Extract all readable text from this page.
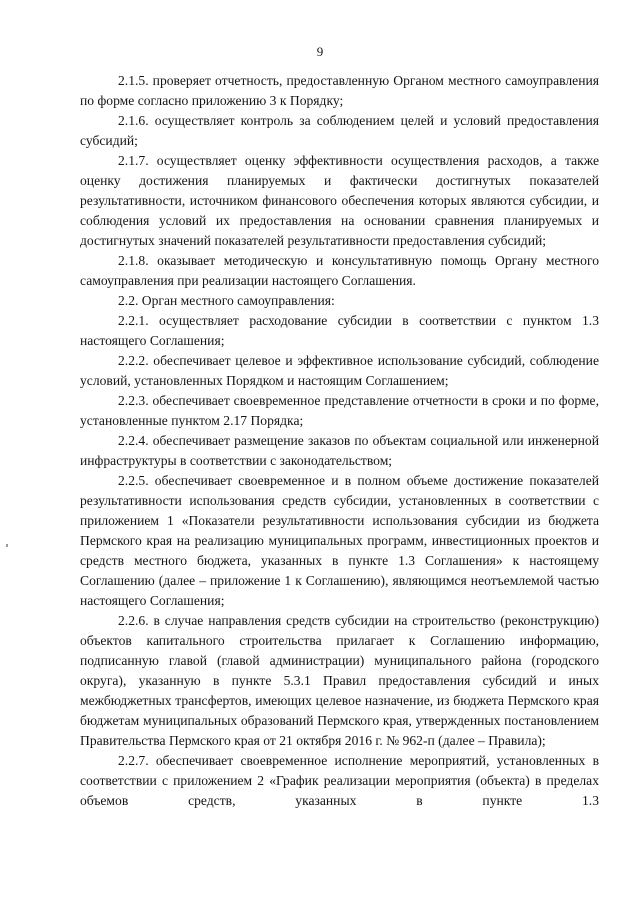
9

2.1.5. проверяет отчетность, предоставленную Органом местного самоуправления по форме согласно приложению 3 к Порядку;

2.1.6. осуществляет контроль за соблюдением целей и условий предоставления субсидий;

2.1.7. осуществляет оценку эффективности осуществления расходов, а также оценку достижения планируемых и фактически достигнутых показателей результативности, источником финансового обеспечения которых являются субсидии, и соблюдения условий их предоставления на основании сравнения планируемых и достигнутых значений показателей результативности предоставления субсидий;

2.1.8. оказывает методическую и консультативную помощь Органу местного самоуправления при реализации настоящего Соглашения.

2.2. Орган местного самоуправления:

2.2.1. осуществляет расходование субсидии в соответствии с пунктом 1.3 настоящего Соглашения;

2.2.2. обеспечивает целевое и эффективное использование субсидий, соблюдение условий, установленных Порядком и настоящим Соглашением;

2.2.3. обеспечивает своевременное представление отчетности в сроки и по форме, установленные пунктом 2.17 Порядка;

2.2.4. обеспечивает размещение заказов по объектам социальной или инженерной инфраструктуры в соответствии с законодательством;

2.2.5. обеспечивает своевременное и в полном объеме достижение показателей результативности использования средств субсидии, установленных в соответствии с приложением 1 «Показатели результативности использования субсидии из бюджета Пермского края на реализацию муниципальных программ, инвестиционных проектов и средств местного бюджета, указанных в пункте 1.3 Соглашения» к настоящему Соглашению (далее – приложение 1 к Соглашению), являющимся неотъемлемой частью настоящего Соглашения;

2.2.6. в случае направления средств субсидии на строительство (реконструкцию) объектов капитального строительства прилагает к Соглашению информацию, подписанную главой (главой администрации) муниципального района (городского округа), указанную в пункте 5.3.1 Правил предоставления субсидий и иных межбюджетных трансфертов, имеющих целевое назначение, из бюджета Пермского края бюджетам муниципальных образований Пермского края, утвержденных постановлением Правительства Пермского края от 21 октября 2016 г. № 962-п (далее – Правила);

2.2.7. обеспечивает своевременное исполнение мероприятий, установленных в соответствии с приложением 2 «График реализации мероприятия (объекта) в пределах объемов средств, указанных в пункте 1.3
